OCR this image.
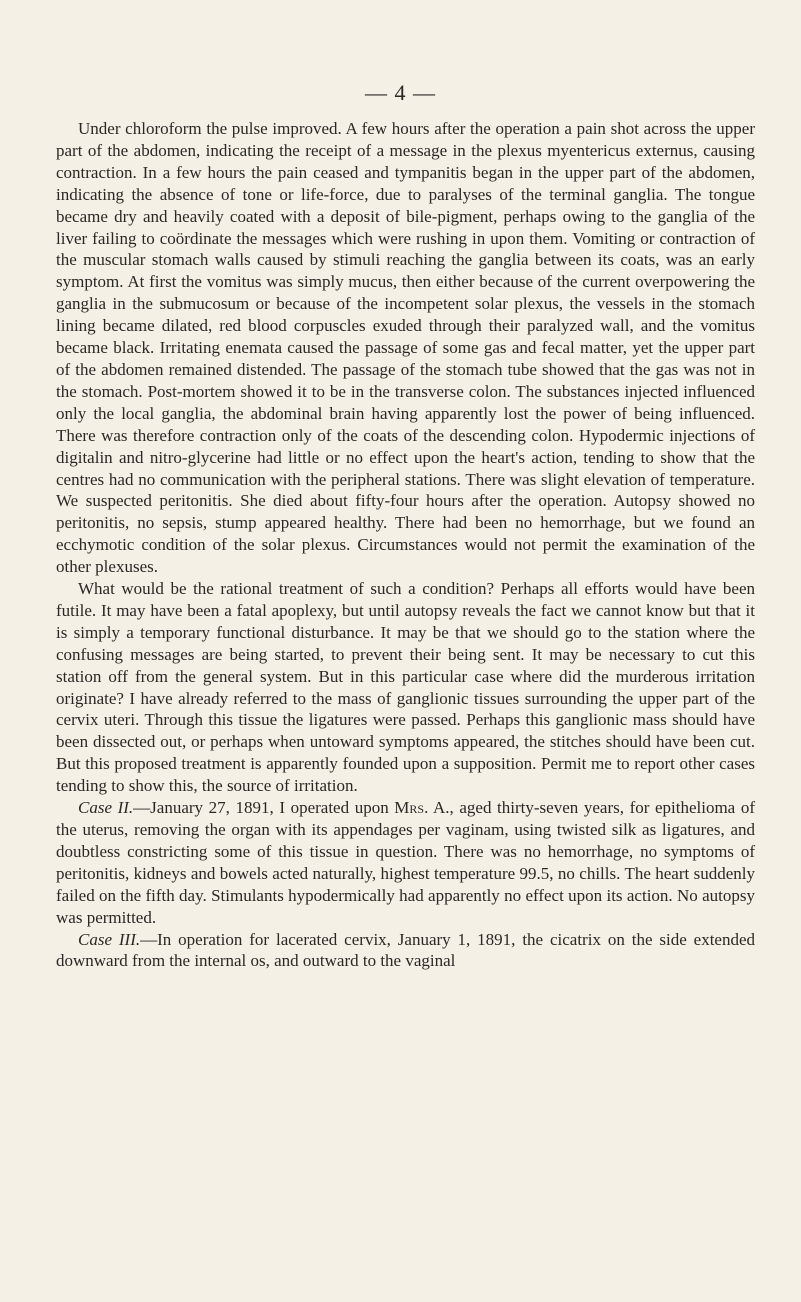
— 4 —

Under chloroform the pulse improved. A few hours after the operation a pain shot across the upper part of the abdomen, indicating the receipt of a message in the plexus myentericus externus, causing contraction. In a few hours the pain ceased and tympanitis began in the upper part of the abdomen, indicating the absence of tone or life-force, due to paralyses of the terminal ganglia. The tongue became dry and heavily coated with a deposit of bile-pigment, perhaps owing to the ganglia of the liver failing to coördinate the messages which were rushing in upon them. Vomiting or contraction of the muscular stomach walls caused by stimuli reaching the ganglia between its coats, was an early symptom. At first the vomitus was simply mucus, then either because of the current overpowering the ganglia in the submucosum or because of the incompetent solar plexus, the vessels in the stomach lining became dilated, red blood corpuscles exuded through their paralyzed wall, and the vomitus became black. Irritating enemata caused the passage of some gas and fecal matter, yet the upper part of the abdomen remained distended. The passage of the stomach tube showed that the gas was not in the stomach. Post-mortem showed it to be in the transverse colon. The substances injected influenced only the local ganglia, the abdominal brain having apparently lost the power of being influenced. There was therefore contraction only of the coats of the descending colon. Hypodermic injections of digitalin and nitro-glycerine had little or no effect upon the heart's action, tending to show that the centres had no communication with the peripheral stations. There was slight elevation of temperature. We suspected peritonitis. She died about fifty-four hours after the operation. Autopsy showed no peritonitis, no sepsis, stump appeared healthy. There had been no hemorrhage, but we found an ecchymotic condition of the solar plexus. Circumstances would not permit the examination of the other plexuses.

What would be the rational treatment of such a condition? Perhaps all efforts would have been futile. It may have been a fatal apoplexy, but until autopsy reveals the fact we cannot know but that it is simply a temporary functional disturbance. It may be that we should go to the station where the confusing messages are being started, to prevent their being sent. It may be necessary to cut this station off from the general system. But in this particular case where did the murderous irritation originate? I have already referred to the mass of ganglionic tissues surrounding the upper part of the cervix uteri. Through this tissue the ligatures were passed. Perhaps this ganglionic mass should have been dissected out, or perhaps when untoward symptoms appeared, the stitches should have been cut. But this proposed treatment is apparently founded upon a supposition. Permit me to report other cases tending to show this, the source of irritation.

Case II.—January 27, 1891, I operated upon Mrs. A., aged thirty-seven years, for epithelioma of the uterus, removing the organ with its appendages per vaginam, using twisted silk as ligatures, and doubtless constricting some of this tissue in question. There was no hemorrhage, no symptoms of peritonitis, kidneys and bowels acted naturally, highest temperature 99.5, no chills. The heart suddenly failed on the fifth day. Stimulants hypodermically had apparently no effect upon its action. No autopsy was permitted.

Case III.—In operation for lacerated cervix, January 1, 1891, the cicatrix on the side extended downward from the internal os, and outward to the vaginal
